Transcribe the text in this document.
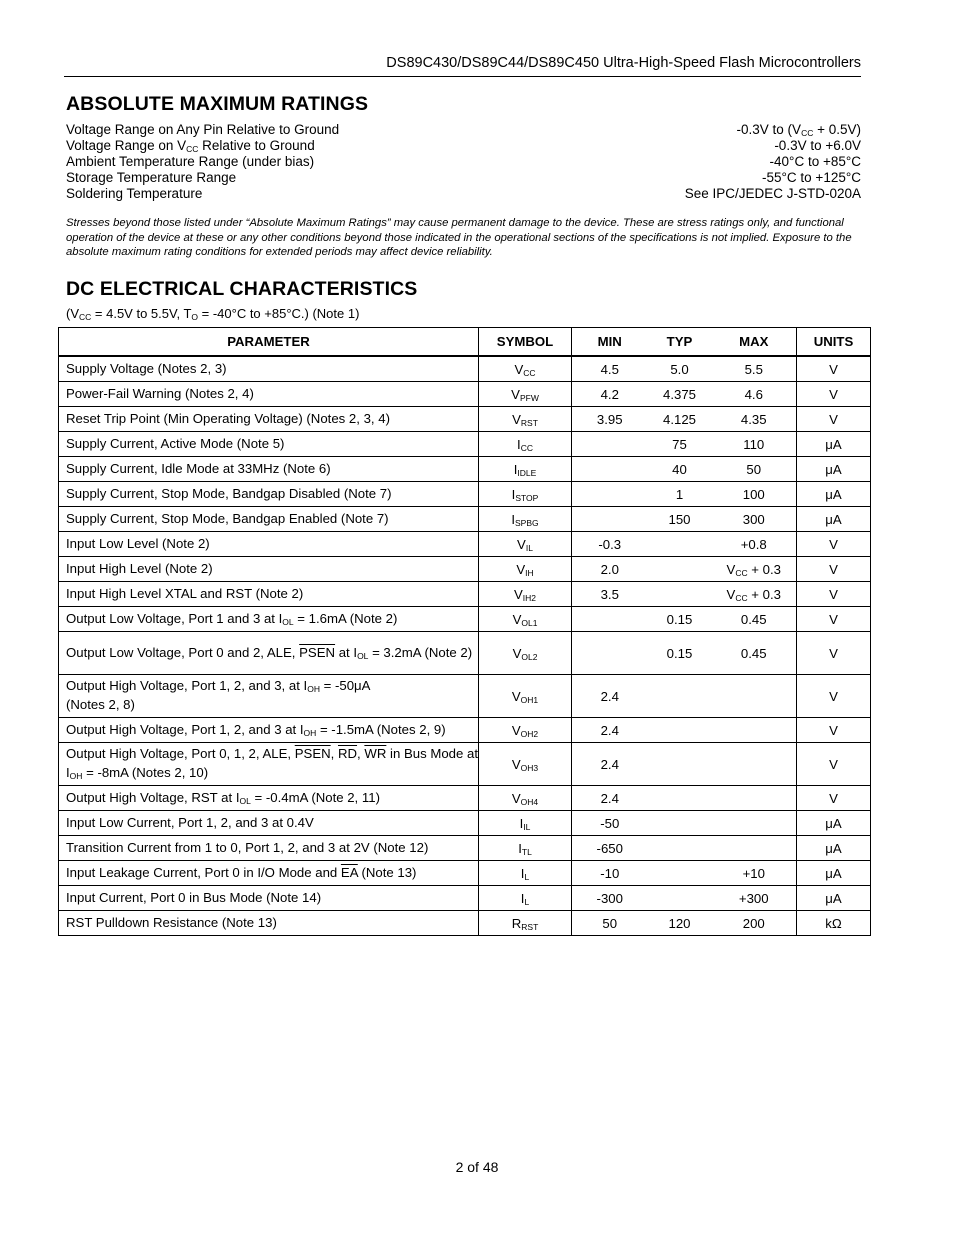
DS89C430/DS89C44/DS89C450 Ultra-High-Speed Flash Microcontrollers
ABSOLUTE MAXIMUM RATINGS
Voltage Range on Any Pin Relative to Ground	-0.3V to $(V_{CC} + 0.5V)$
Voltage Range on $V_{CC}$ Relative to Ground	-0.3V to +6.0V
Ambient Temperature Range (under bias)	-40°C to +85°C
Storage Temperature Range	-55°C to +125°C
Soldering Temperature	See IPC/JEDEC J-STD-020A
Stresses beyond those listed under “Absolute Maximum Ratings” may cause permanent damage to the device. These are stress ratings only, and functional operation of the device at these or any other conditions beyond those indicated in the operational sections of the specifications is not implied. Exposure to the absolute maximum rating conditions for extended periods may affect device reliability.
DC ELECTRICAL CHARACTERISTICS
($V_{CC} = 4.5V$ to 5.5V, $T_O = -40^\circ C$ to +85°C.) (Note 1)
PARAMETER	SYMBOL	MIN	TYP	MAX	UNITS
Supply Voltage (Notes 2, 3)	$V_{CC}$	4.5	5.0	5.5	V
Power-Fail Warning (Notes 2, 4)	$V_{PFW}$	4.2	4.375	4.6	V
Reset Trip Point (Min Operating Voltage) (Notes 2, 3, 4)	$V_{RST}$	3.95	4.125	4.35	V
Supply Current, Active Mode (Note 5)	$I_{CC}$		75	110	μA
Supply Current, Idle Mode at 33MHz (Note 6)	$I_{IDLE}$		40	50	μA
Supply Current, Stop Mode, Bandgap Disabled (Note 7)	$I_{STOP}$		1	100	μA
Supply Current, Stop Mode, Bandgap Enabled (Note 7)	$I_{SPBG}$		150	300	μA
Input Low Level (Note 2)	$V_{IL}$	-0.3		+0.8	V
Input High Level (Note 2)	$V_{IH}$	2.0		$V_{CC} + 0.3$	V
Input High Level XTAL and RST (Note 2)	$V_{IH2}$	3.5		$V_{CC} + 0.3$	V
Output Low Voltage, Port 1 and 3 at $I_{OL} = 1.6mA$ (Note 2)	$V_{OL1}$		0.15	0.45	V
Output Low Voltage, Port 0 and 2, ALE, PSEN at $I_{OL} = 3.2mA$ (Note 2)	$V_{OL2}$		0.15	0.45	V
Output High Voltage, Port 1, 2, and 3, at $I_{OH} = -50\mu A$
(Notes 2, 8)	$V_{OH1}$	2.4			V
Output High Voltage, Port 1, 2, and 3 at $I_{OH} = -1.5mA$ (Notes 2, 9)	$V_{OH2}$	2.4			V
Output High Voltage, Port 0, 1, 2, ALE, PSEN, $\overline{RD}$, $\overline{WR}$ in Bus Mode at $I_{OH} = -8mA$ (Notes 2, 10)	$V_{OH3}$	2.4			V
Output High Voltage, RST at $I_{OL} = -0.4mA$ (Note 2, 11)	$V_{OH4}$	2.4			V
Input Low Current, Port 1, 2, and 3 at 0.4V	$I_{IL}$	-50			μA
Transition Current from 1 to 0, Port 1, 2, and 3 at 2V (Note 12)	$I_{TL}$	-650			μA
Input Leakage Current, Port 0 in I/O Mode and $\overline{EA}$ (Note 13)	$I_L$	-10		+10	μA
Input Current, Port 0 in Bus Mode (Note 14)	$I_L$	-300		+300	μA
RST Pulldown Resistance (Note 13)	$R_{RST}$	50	120	200	kΩ
2 of 48
